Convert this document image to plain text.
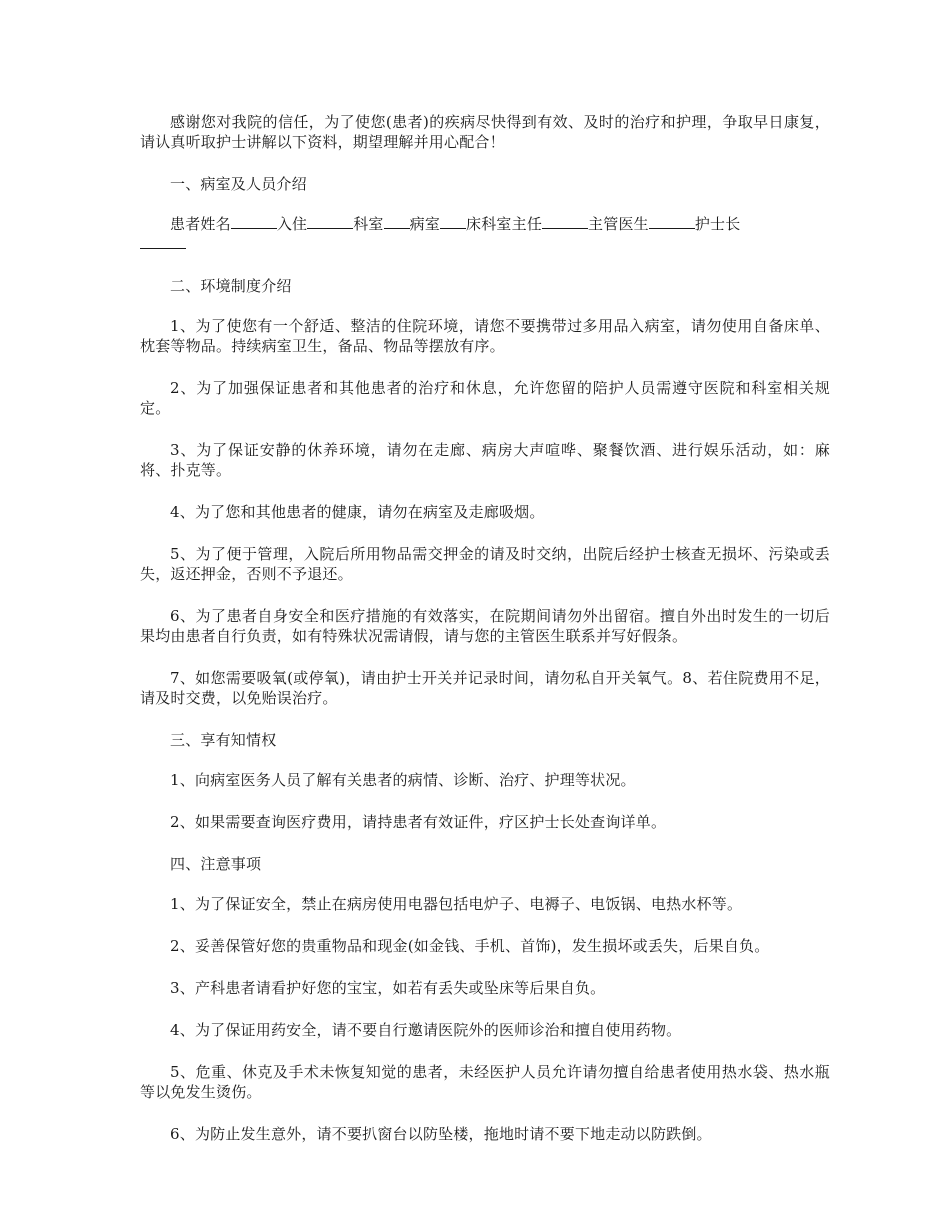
感谢您对我院的信任，为了使您(患者)的疾病尽快得到有效、及时的治疗和护理，争取早日康复，请认真听取护士讲解以下资料，期望理解并用心配合！

一、病室及人员介绍

患者姓名	入住	科室 病室 床科室主任	主管医生	护士长

二、环境制度介绍

1、为了使您有一个舒适、整洁的住院环境，请您不要携带过多用品入病室，请勿使用自备床单、枕套等物品。持续病室卫生，备品、物品等摆放有序。

2、为了加强保证患者和其他患者的治疗和休息，允许您留的陪护人员需遵守医院和科室相关规定。

3、为了保证安静的休养环境，请勿在走廊、病房大声喧哗、聚餐饮酒、进行娱乐活动，如：麻将、扑克等。

4、为了您和其他患者的健康，请勿在病室及走廊吸烟。

5、为了便于管理，入院后所用物品需交押金的请及时交纳，出院后经护士核查无损坏、污染或丢失，返还押金，否则不予退还。

6、为了患者自身安全和医疗措施的有效落实，在院期间请勿外出留宿。擅自外出时发生的一切后果均由患者自行负责，如有特殊状况需请假，请与您的主管医生联系并写好假条。

7、如您需要吸氧(或停氧)，请由护士开关并记录时间，请勿私自开关氧气。8、若住院费用不足，请及时交费，以免贻误治疗。

三、享有知情权

1、向病室医务人员了解有关患者的病情、诊断、治疗、护理等状况。

2、如果需要查询医疗费用，请持患者有效证件，疗区护士长处查询详单。

四、注意事项

1、为了保证安全，禁止在病房使用电器包括电炉子、电褥子、电饭锅、电热水杯等。

2、妥善保管好您的贵重物品和现金(如金钱、手机、首饰)，发生损坏或丢失，后果自负。

3、产科患者请看护好您的宝宝，如若有丢失或坠床等后果自负。

4、为了保证用药安全，请不要自行邀请医院外的医师诊治和擅自使用药物。

5、危重、休克及手术未恢复知觉的患者，未经医护人员允许请勿擅自给患者使用热水袋、热水瓶等以免发生烫伤。

6、为防止发生意外，请不要扒窗台以防坠楼，拖地时请不要下地走动以防跌倒。
